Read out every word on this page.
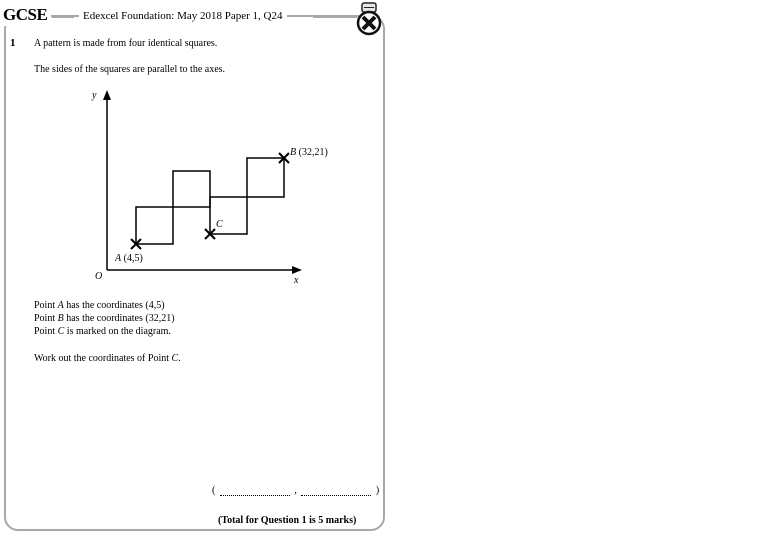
GCSE	Edexcel Foundation: May 2018 Paper 1, Q24
1 A pattern is made from four identical squares.
The sides of the squares are parallel to the axes.
y
x
O
A (4,5)
B (32,21)
C
Point A has the coordinates (4,5)
Point B has the coordinates (32,21)
Point C is marked on the diagram.
Work out the coordinates of Point C.
(	,	)
(Total for Question 1 is 5 marks)
